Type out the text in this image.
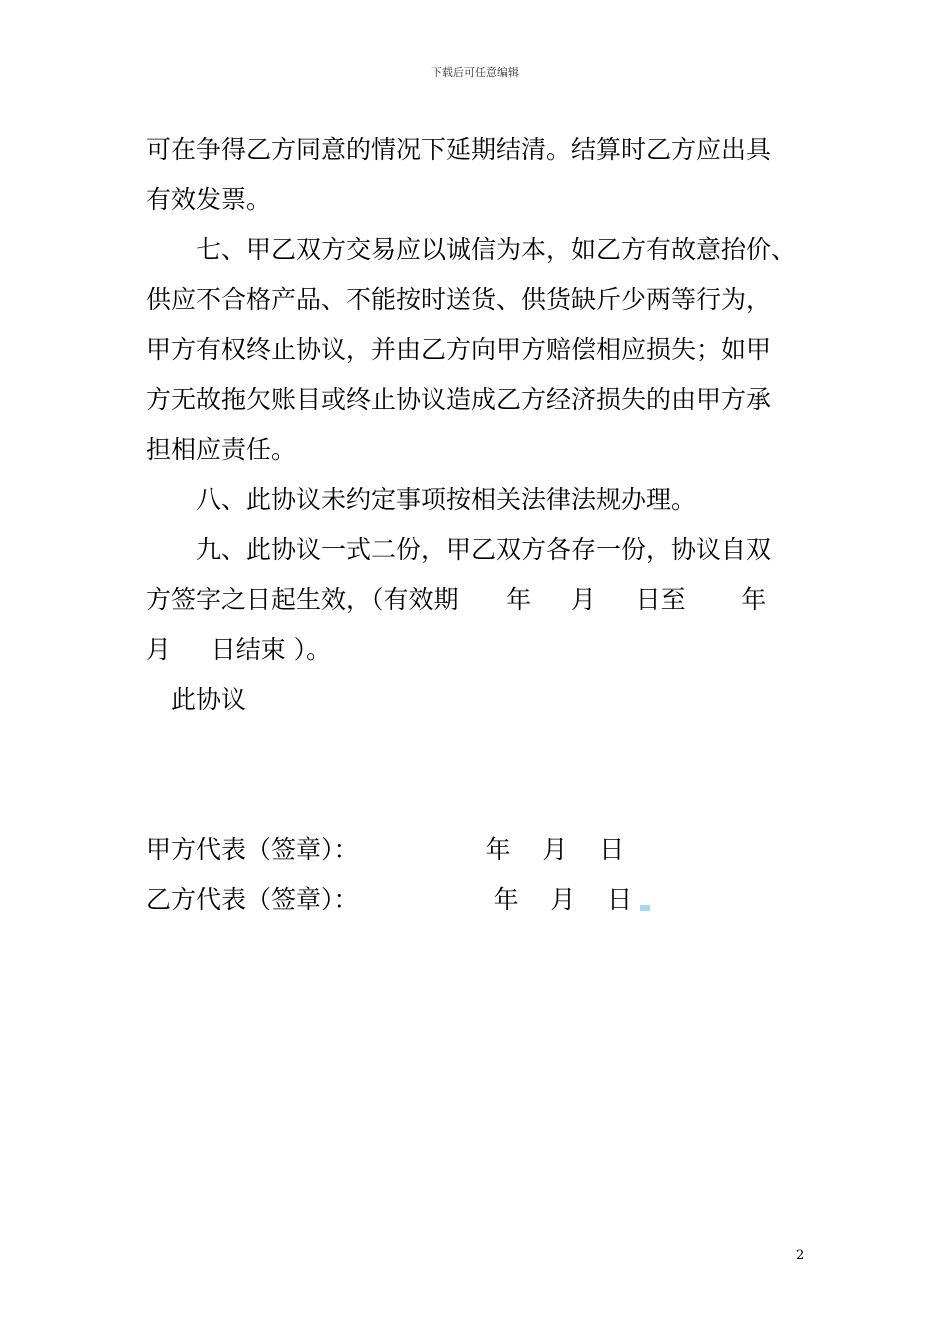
下载后可任意编辑
可在争得乙方同意的情况下延期结清。结算时乙方应出具
有效发票。
七、甲乙双方交易应以诚信为本，如乙方有故意抬价、
供应不合格产品、不能按时送货、供货缺斤少两等行为，
甲方有权终止协议，并由乙方向甲方赔偿相应损失；如甲
方无故拖欠账目或终止协议造成乙方经济损失的由甲方承
担相应责任。
八、此协议未约定事项按相关法律法规办理。
九、此协议一式二份，甲乙双方各存一份，协议自双
方签字之日起生效，（有效期      年     月     日至       年
月     日结束 ）。
此协议
甲方代表（签章）：                年    月    日
乙方代表（签章）：                 年    月    日
2
